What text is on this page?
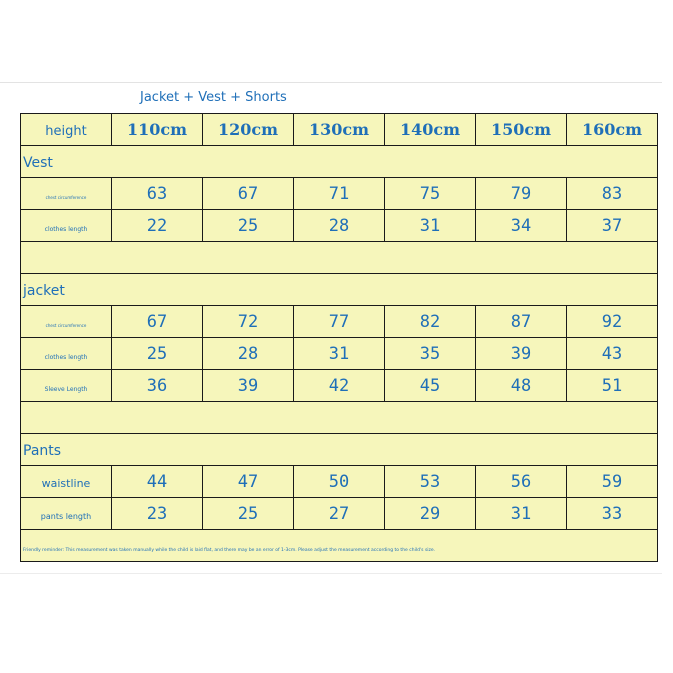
Jacket + Vest + Shorts
height	110cm	120cm	130cm	140cm	150cm	160cm
Vest						
chest circumference	63	67	71	75	79	83
clothes length	22	25	28	31	34	37

jacket						
chest circumference	67	72	77	82	87	92
clothes length	25	28	31	35	39	43
Sleeve Length	36	39	42	45	48	51

Pants						
waistline	44	47	50	53	56	59
pants length	23	25	27	29	31	33
Friendly reminder: This measurement was taken manually while the child is laid flat, and there may be an error of 1-3cm. Please adjust the measurement according to the child's size.						
